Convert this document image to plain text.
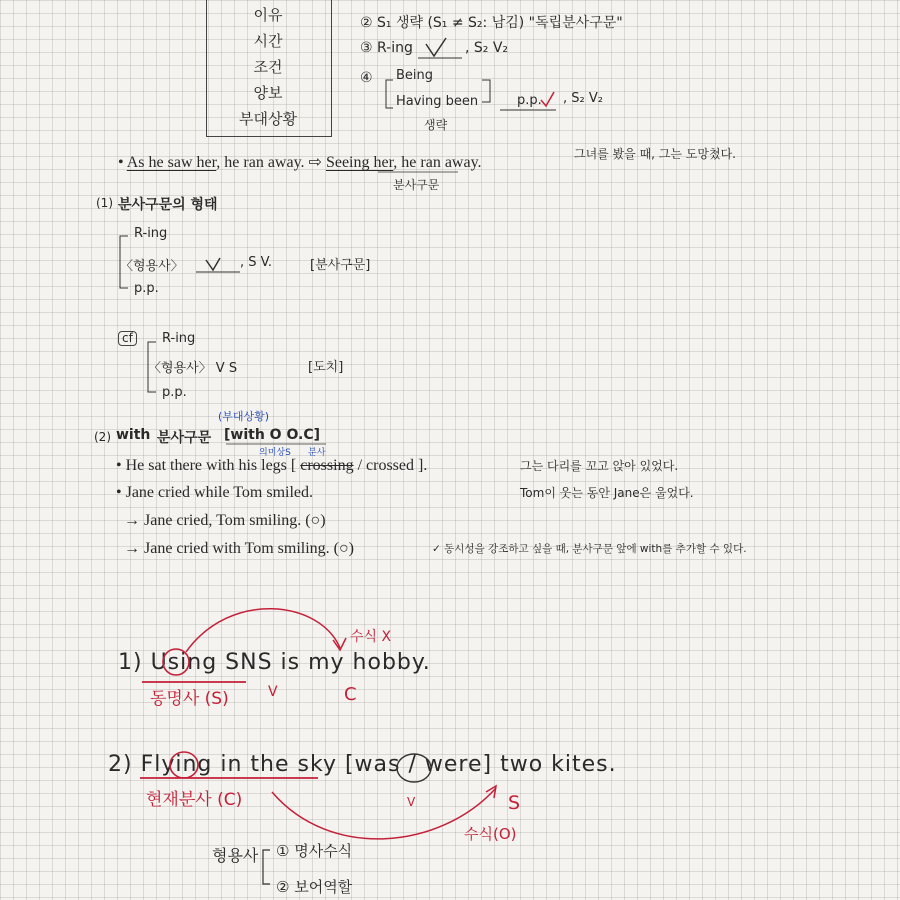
이유
시간
조건
양보
부대상황
② S₁ 생략 (S₁ ≠ S₂: 남김) "독립분사구문"
③ R-ing	, S₂ V₂
④ Being
Having been	p.p. , S₂ V₂
생략
• As he saw her, he ran away. ⇨ Seeing her, he ran away.	그녀를 봤을 때, 그는 도망쳤다.
분사구문
(1) 분사구문의 형태
R-ing
〈형용사〉	, S V.	[분사구문]
p.p.
cf	R-ing
〈형용사〉 V S	[도치]
p.p.
(2) with 분사구문 [with O O.C]
(부대상황)
의미상S 분사
• He sat there with his legs [ crossing / crossed ].	그는 다리를 꼬고 앉아 있었다.
• Jane cried while Tom smiled.	Tom이 웃는 동안 Jane은 울었다.
→ Jane cried, Tom smiling. (○)
→ Jane cried with Tom smiling. (○)	✓ 동시성을 강조하고 싶을 때, 분사구문 앞에 with를 추가할 수 있다.
1) Using SNS is my hobby.
수식 X
동명사 (S)	V	C
2) Flying in the sky [was / were] two kites.
현재분사 (C)	V	S
수식(O)
형용사 ① 명사수식
② 보어역할
